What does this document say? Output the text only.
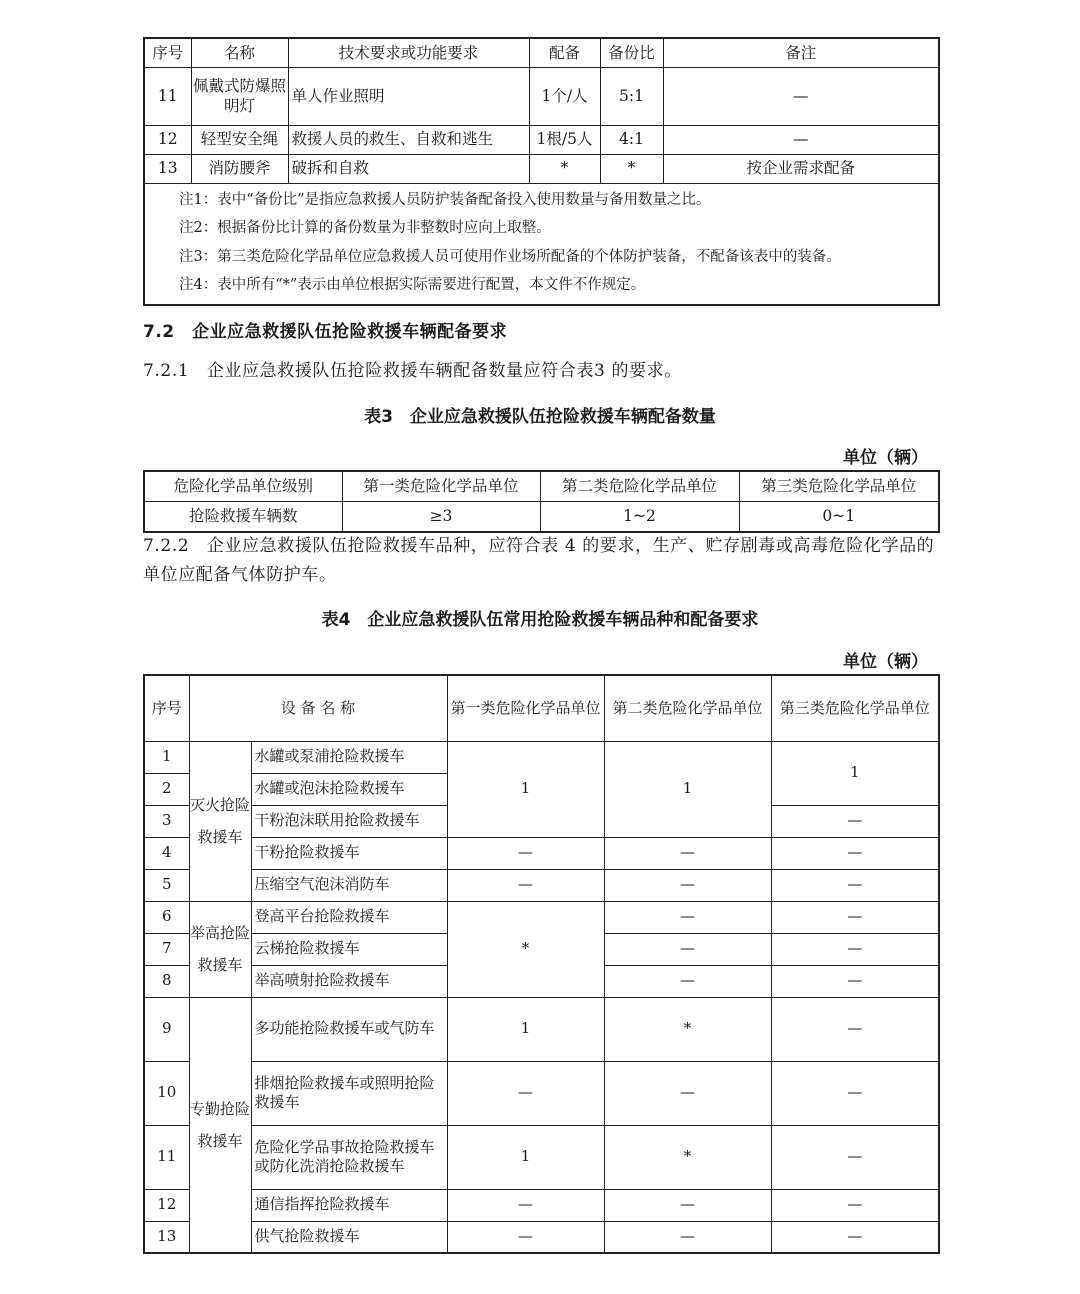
序号	名称	技术要求或功能要求	配备	备份比	备注
11	佩戴式防爆照明灯	单人作业照明	1个/人	5:1	—
12	轻型安全绳	救援人员的救生、自救和逃生	1根/5人	4:1	—
13	消防腰斧	破拆和自救	*	*	按企业需求配备

注1：表中“备份比”是指应急救援人员防护装备配备投入使用数量与备用数量之比。
注2：根据备份比计算的备份数量为非整数时应向上取整。
注3：第三类危险化学品单位应急救援人员可使用作业场所配备的个体防护装备，不配备该表中的装备。
注4：表中所有“*”表示由单位根据实际需要进行配置，本文件不作规定。					
7.2　企业应急救援队伍抢险救援车辆配备要求
7.2.1　企业应急救援队伍抢险救援车辆配备数量应符合表3 的要求。
表3　企业应急救援队伍抢险救援车辆配备数量
单位（辆）
危险化学品单位级别	第一类危险化学品单位	第二类危险化学品单位	第三类危险化学品单位
抢险救援车辆数	≥3	1~2	0~1
7.2.2　企业应急救援队伍抢险救援车品种，应符合表 4 的要求，生产、贮存剧毒或高毒危险化学品的单位应配备气体防护车。
表4　企业应急救援队伍常用抢险救援车辆品种和配备要求
单位（辆）
序号	设 备 名 称		第一类危险化学品单位	第二类危险化学品单位	第三类危险化学品单位
1	灭火抢险救援车	水罐或泵浦抢险救援车	1	1	1
2		水罐或泡沫抢险救援车			
3		干粉泡沫联用抢险救援车			—
4		干粉抢险救援车	—	—	—
5		压缩空气泡沫消防车	—	—	—
6	举高抢险救援车	登高平台抢险救援车	*	—	—
7		云梯抢险救援车		—	—
8		举高喷射抢险救援车		—	—
9	专勤抢险救援车	多功能抢险救援车或气防车	1	*	—
10		排烟抢险救援车或照明抢险救援车	—	—	—
11		危险化学品事故抢险救援车或防化洗消抢险救援车	1	*	—
12		通信指挥抢险救援车	—	—	—
13		供气抢险救援车	—	—	—
